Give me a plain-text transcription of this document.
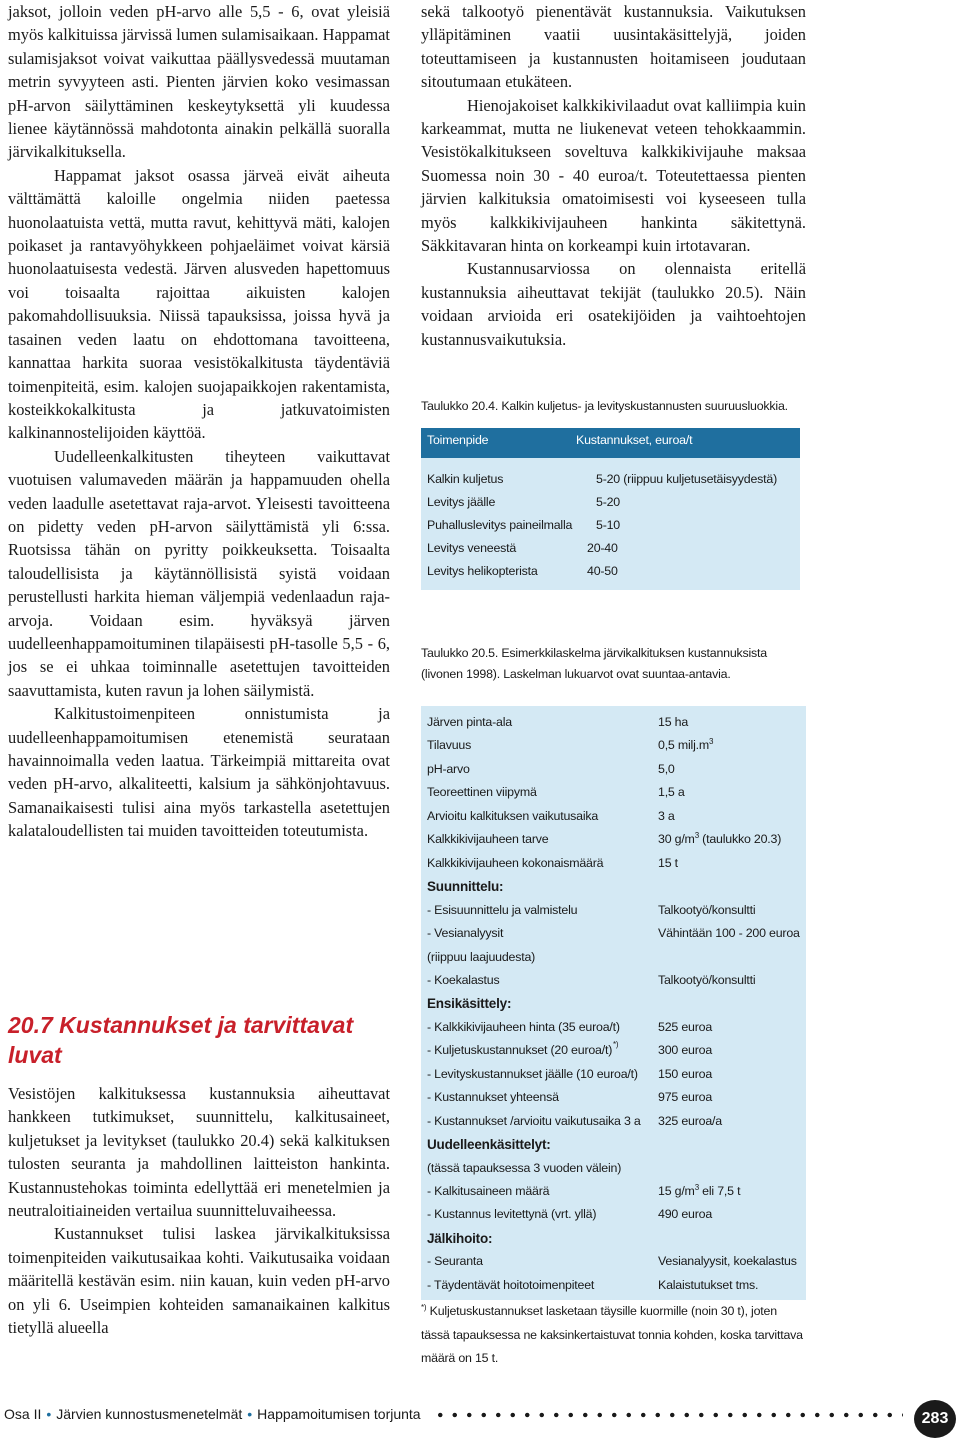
jaksot, jolloin veden pH-arvo alle 5,5 - 6, ovat yleisiä myös kalkituissa järvissä lumen sulamisaikaan. Happamat sulamisjaksot voivat vaikuttaa päällysvedessä muutaman metrin syvyyteen asti. Pienten järvien koko vesimassan pH-arvon säilyttäminen keskeytyksettä yli kuudessa lienee käytännössä mahdotonta ainakin pelkällä suoralla järvikalkituksella.

Happamat jaksot osassa järveä eivät aiheuta välttämättä kaloille ongelmia niiden paetessa huonolaatuista vettä, mutta ravut, kehittyvä mäti, kalojen poikaset ja rantavyöhykkeen pohjaeläimet voivat kärsiä huonolaatuisesta vedestä. Järven alusveden hapettomuus voi toisaalta rajoittaa aikuisten kalojen pakomahdollisuuksia. Niissä tapauksissa, joissa hyvä ja tasainen veden laatu on ehdottomana tavoitteena, kannattaa harkita suoraa vesistökalkitusta täydentäviä toimenpiteitä, esim. kalojen suojapaikkojen rakentamista, kosteikkokalkitusta ja jatkuvatoimisten kalkinannostelijoiden käyttöä.

Uudelleenkalkitusten tiheyteen vaikuttavat vuotuisen valumaveden määrän ja happamuuden ohella veden laadulle asetettavat raja-arvot. Yleisesti tavoitteena on pidetty veden pH-arvon säilyttämistä yli 6:ssa. Ruotsissa tähän on pyritty poikkeuksetta. Toisaalta taloudellisista ja käytännöllisistä syistä voidaan perustellusti harkita hieman väljempiä vedenlaadun raja-arvoja. Voidaan esim. hyväksyä järven uudelleenhappamoituminen tilapäisesti pH-tasolle 5,5 - 6, jos se ei uhkaa toiminnalle asetettujen tavoitteiden saavuttamista, kuten ravun ja lohen säilymistä.

Kalkitustoimenpiteen onnistumista ja uudelleenhappamoitumisen etenemistä seurataan havainnoimalla veden laatua. Tärkeimpiä mittareita ovat veden pH-arvo, alkaliteetti, kalsium ja sähkönjohtavuus. Samanaikaisesti tulisi aina myös tarkastella asetettujen kalataloudellisten tai muiden tavoitteiden toteutumista.

20.7 Kustannukset ja tarvittavat luvat

Vesistöjen kalkituksessa kustannuksia aiheuttavat hankkeen tutkimukset, suunnittelu, kalkitusaineet, kuljetukset ja levitykset (taulukko 20.4) sekä kalkituksen tulosten seuranta ja mahdollinen laitteiston hankinta. Kustannustehokas toiminta edellyttää eri menetelmien ja neutraloitiaineiden vertailua suunnitteluvaiheessa.

Kustannukset tulisi laskea järvikalkituksissa toimenpiteiden vaikutusaikaa kohti. Vaikutusaika voidaan määritellä kestävän esim. niin kauan, kuin veden pH-arvo on yli 6. Useimpien kohteiden samanaikainen kalkitus tietyllä alueella

sekä talkootyö pienentävät kustannuksia. Vaikutuksen ylläpitäminen vaatii uusintakäsittelyjä, joiden toteuttamiseen ja kustannusten hoitamiseen joudutaan sitoutumaan etukäteen.

Hienojakoiset kalkkikivilaadut ovat kalliimpia kuin karkeammat, mutta ne liukenevat veteen tehokkaammin. Vesistökalkitukseen soveltuva kalkkikivijauhe maksaa Suomessa noin 30 - 40 euroa/t. Toteutettaessa pienten järvien kalkituksia omatoimisesti voi kyseeseen tulla myös kalkkikivijauheen hankinta säkitettynä. Säkkitavaran hinta on korkeampi kuin irtotavaran.

Kustannusarviossa on olennaista eritellä kustannuksia aiheuttavat tekijät (taulukko 20.5). Näin voidaan arvioida eri osatekijöiden ja vaihtoehtojen kustannusvaikutuksia.

Taulukko 20.4. Kalkin kuljetus- ja levityskustannusten suuruusluokkia.
Toimenpide	Kustannukset, euroa/t
Kalkin kuljetus	5-20 (riippuu kuljetusetäisyydestä)
Levitys jäälle	5-20
Puhalluslevitys paineilmalla 5-10
Levitys veneestä	20-40
Levitys helikopterista	40-50
Taulukko 20.5. Esimerkkilaskelma järvikalkituksen kustannuksista (livonen 1998). Laskelman lukuarvot ovat suuntaa-antavia.
Järven pinta-ala	15 ha
Tilavuus	0,5 $milj.m^3$
pH-arvo	5,0
Teoreettinen viipymä	1,5 a
Arvioitu kalkituksen vaikutusaika	3 a
Kalkkikivijauheen tarve	30 $g/m^3$ (taulukko 20.3)
Kalkkikivijauheen kokonaismäärä	15 t
Suunnittelu:
- Esisuunnittelu ja valmistelu	Talkootyö/konsultti
- Vesianalyysit	Vähintään 100 - 200 euroa
(riippuu laajuudesta)
- Koekalastus	Talkootyö/konsultti
Ensikäsittely:
- Kalkkikivijauheen hinta (35 euroa/t)	525 euroa
- Kuljetuskustannukset (20 euroa/t) *)	300 euroa
- Levityskustannukset jäälle (10 euroa/t) 150 euroa
- Kustannukset yhteensä	975 euroa
- Kustannukset /arvioitu vaikutusaika 3 a 325 euroa/a
Uudelleenkäsittelyt:
(tässä tapauksessa 3 vuoden välein)
- Kalkitusaineen määrä	15 $g/m^3$ eli 7,5 t
- Kustannus levitettynä (vrt. yllä)	490 euroa
Jälkihoito:
- Seuranta	Vesianalyysit, koekalastus
- Täydentävät hoitotoimenpiteet	Kalaistutukset tms.
*) Kuljetuskustannukset lasketaan täysille kuormille (noin 30 t), joten tässä tapauksessa ne kaksinkertaistuvat tonnia kohden, koska tarvittava määrä on 15 t.
Osa II • Järvien kunnostusmenetelmät • Happamoitumisen torjunta	283
